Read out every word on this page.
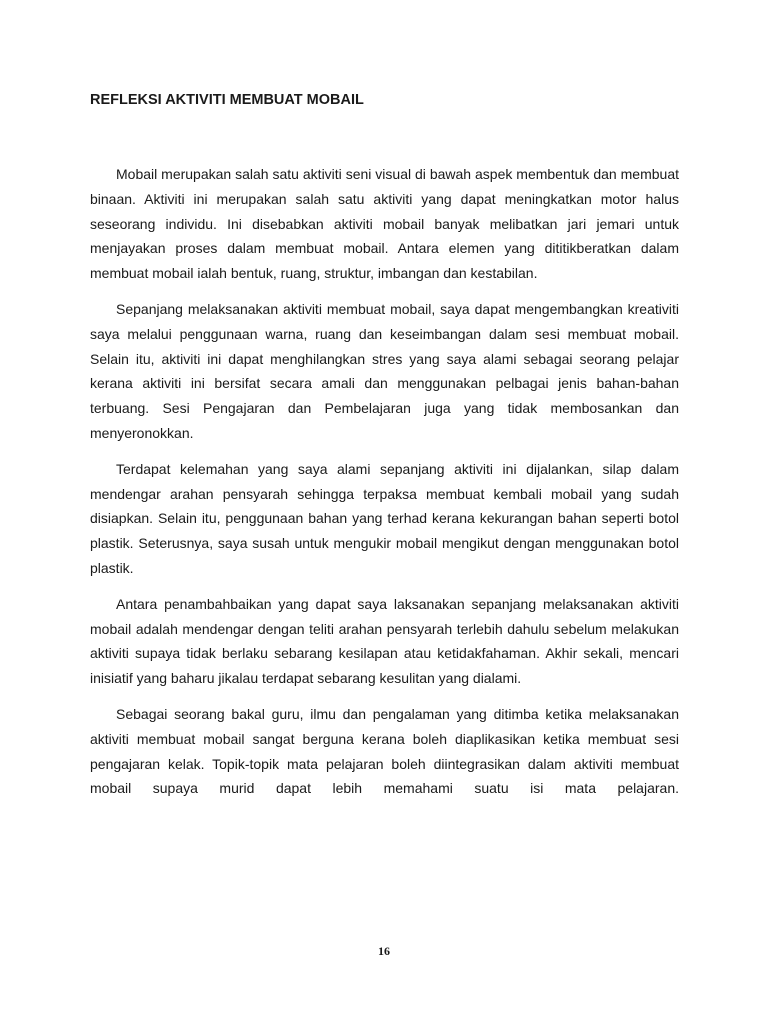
REFLEKSI AKTIVITI MEMBUAT MOBAIL

Mobail merupakan salah satu aktiviti seni visual di bawah aspek membentuk dan membuat binaan. Aktiviti ini merupakan salah satu aktiviti yang dapat meningkatkan motor halus seseorang individu. Ini disebabkan aktiviti mobail banyak melibatkan jari jemari untuk menjayakan proses dalam membuat mobail. Antara elemen yang dititikberatkan dalam membuat mobail ialah bentuk, ruang, struktur, imbangan dan kestabilan.

Sepanjang melaksanakan aktiviti membuat mobail, saya dapat mengembangkan kreativiti saya melalui penggunaan warna, ruang dan keseimbangan dalam sesi membuat mobail. Selain itu, aktiviti ini dapat menghilangkan stres yang saya alami sebagai seorang pelajar kerana aktiviti ini bersifat secara amali dan menggunakan pelbagai jenis bahan-bahan terbuang. Sesi Pengajaran dan Pembelajaran juga yang tidak membosankan dan menyeronokkan.

Terdapat kelemahan yang saya alami sepanjang aktiviti ini dijalankan, silap dalam mendengar arahan pensyarah sehingga terpaksa membuat kembali mobail yang sudah disiapkan. Selain itu, penggunaan bahan yang terhad kerana kekurangan bahan seperti botol plastik. Seterusnya, saya susah untuk mengukir mobail mengikut dengan menggunakan botol plastik.

Antara penambahbaikan yang dapat saya laksanakan sepanjang melaksanakan aktiviti mobail adalah mendengar dengan teliti arahan pensyarah terlebih dahulu sebelum melakukan aktiviti supaya tidak berlaku sebarang kesilapan atau ketidakfahaman. Akhir sekali, mencari inisiatif yang baharu jikalau terdapat sebarang kesulitan yang dialami.

Sebagai seorang bakal guru, ilmu dan pengalaman yang ditimba ketika melaksanakan aktiviti membuat mobail sangat berguna kerana boleh diaplikasikan ketika membuat sesi pengajaran kelak. Topik-topik mata pelajaran boleh diintegrasikan dalam aktiviti membuat mobail supaya murid dapat lebih memahami suatu isi mata pelajaran.

16
